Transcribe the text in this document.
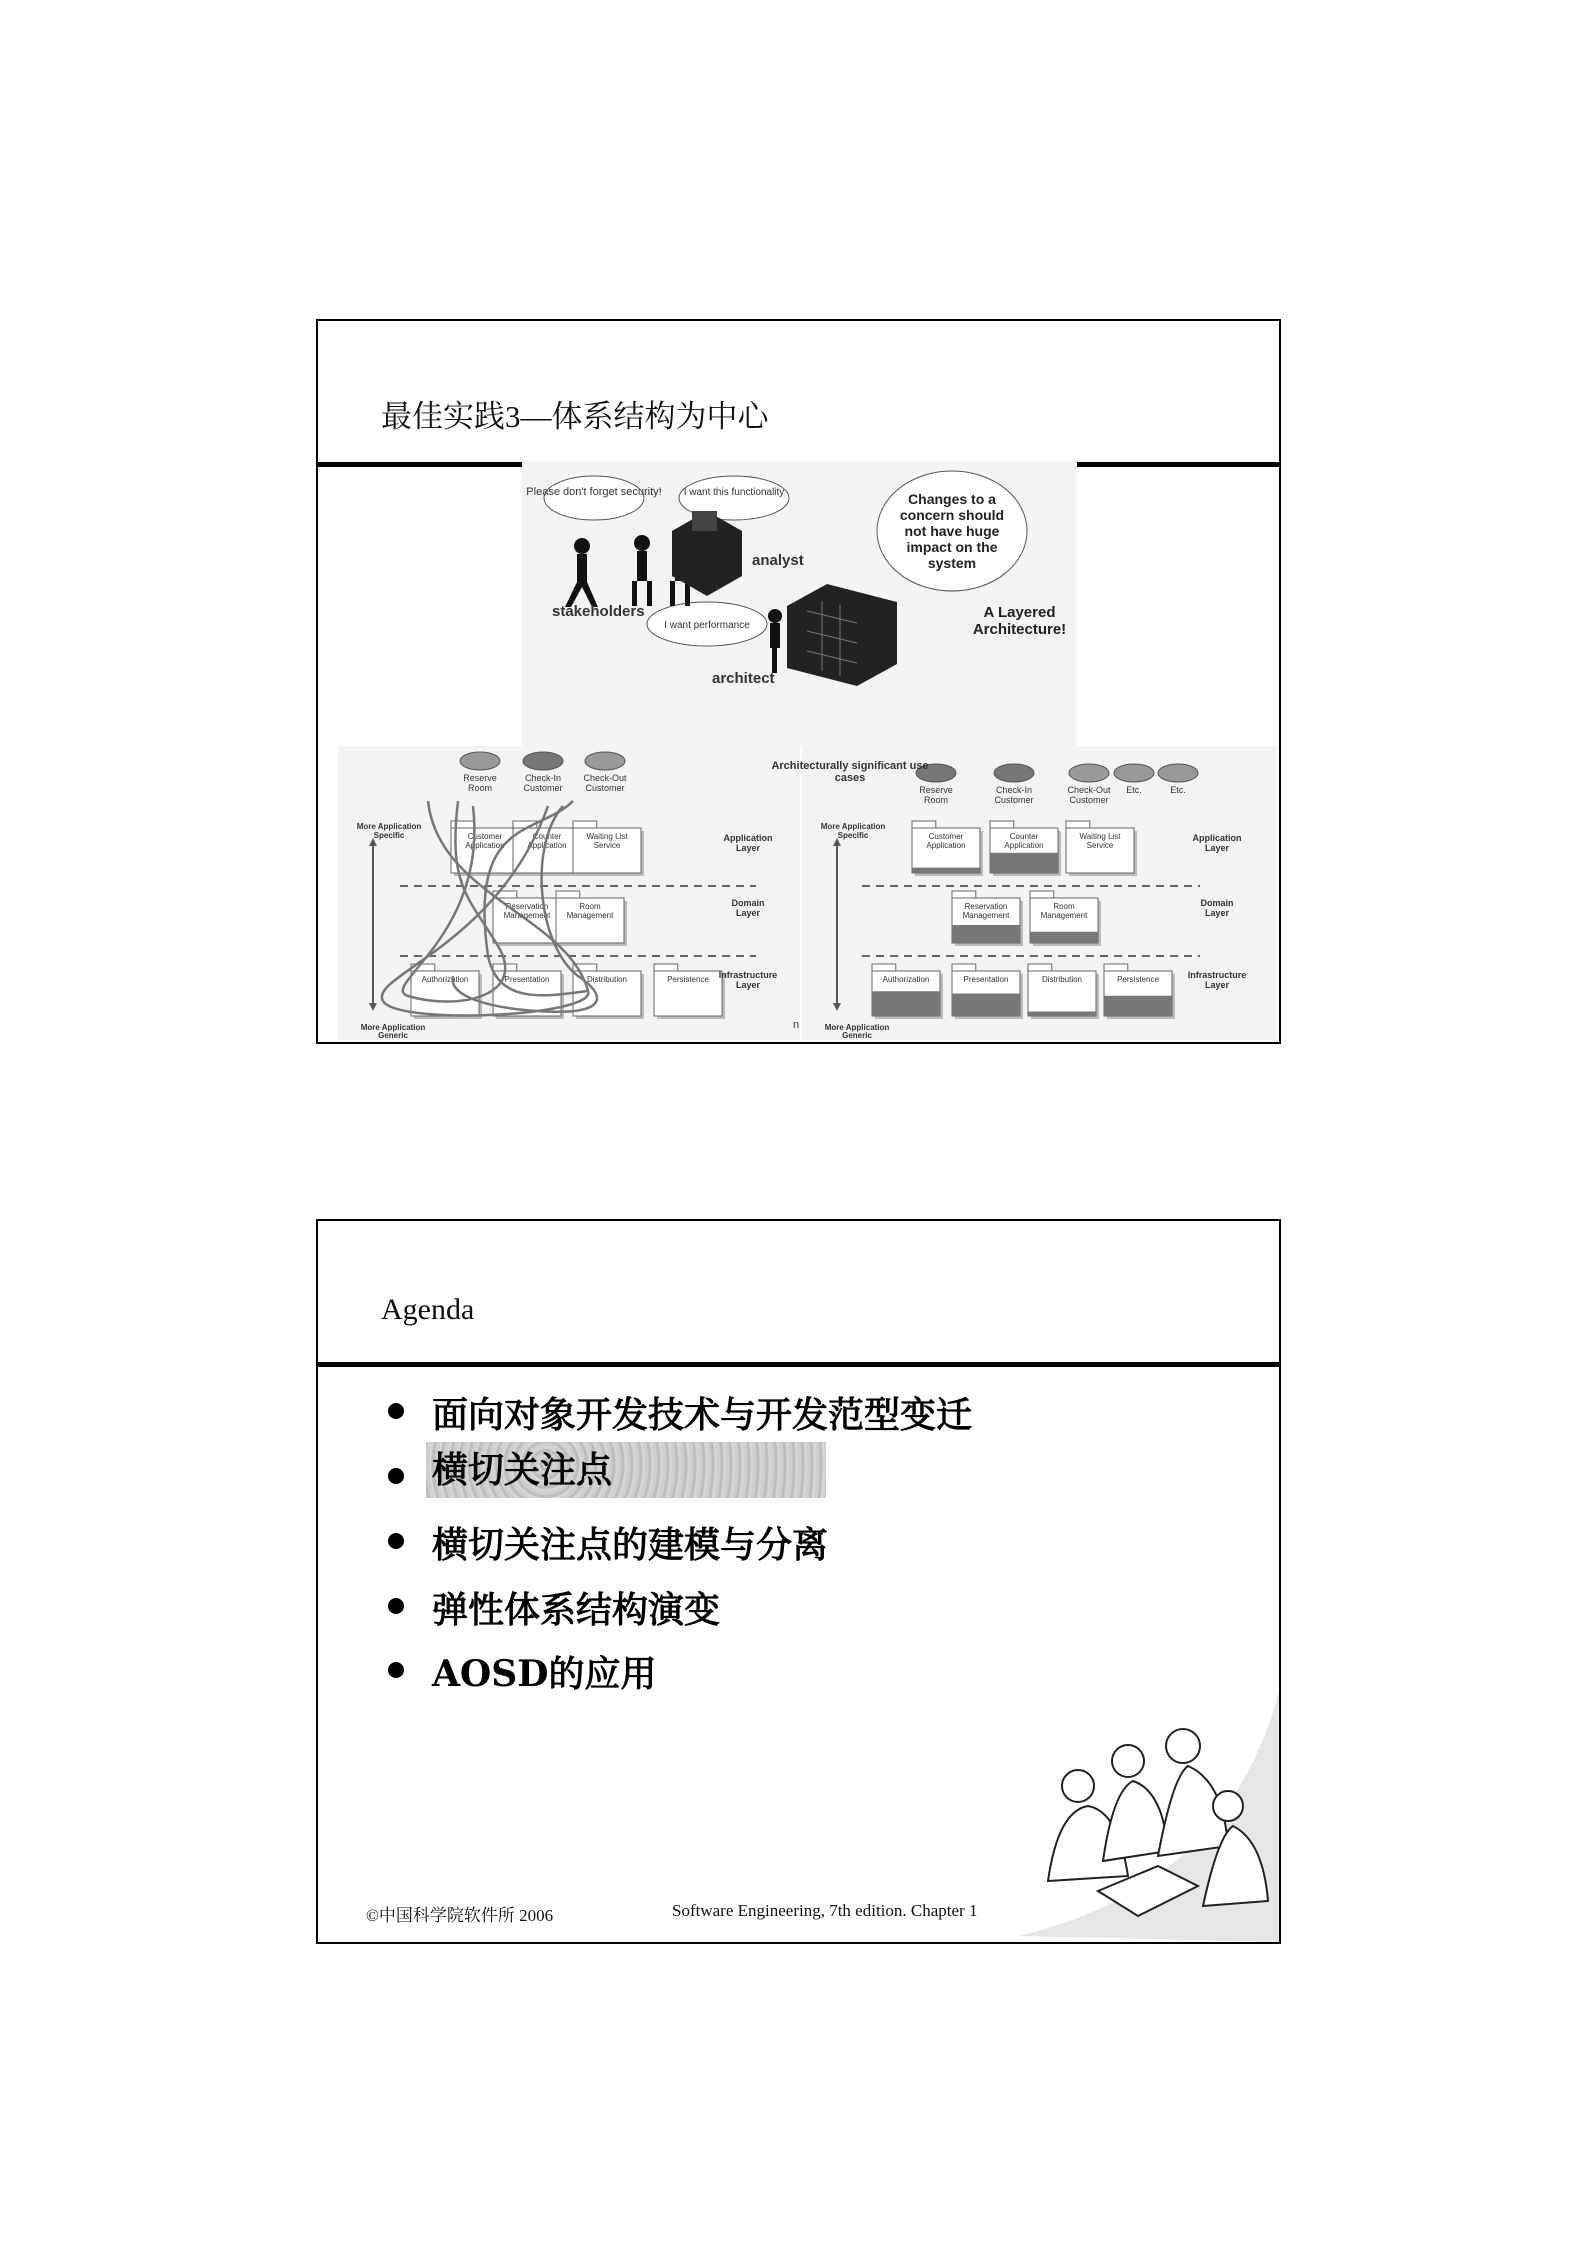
最佳实践3—体系结构为中心
Please don't forget security! I want this functionality
I want performance
Changes to a concern should not have huge impact on the system
stakeholders
analyst
architect
A Layered Architecture!
Reserve
Room
Check-In
Customer
Check-Out
Customer
More Application
Specific
More Application
Generic
Customer
Application
Counter
Application
Waiting List
Service
Reservation
Management
Room
Management
Authorization	Presentation	Distribution	Persistence
Application
Layer
Domain
Layer
Infrastructure
Layer
n
Reserve
Room
Check-In
Customer
Check-Out
Customer
Etc.	Etc.
Architecturally significant use
cases
More Application
Specific
More Application
Generic
Customer
Application
Counter
Application
Waiting List
Service
Reservation
Management
Room
Management
Authorization	Presentation	Distribution	Persistence
Application
Layer
Domain
Layer
Infrastructure
Layer
Agenda
面向对象开发技术与开发范型变迁
横切关注点
横切关注点的建模与分离
弹性体系结构演变
AOSD的应用
©中国科学院软件所 2006	Software Engineering, 7th edition. Chapter 1
